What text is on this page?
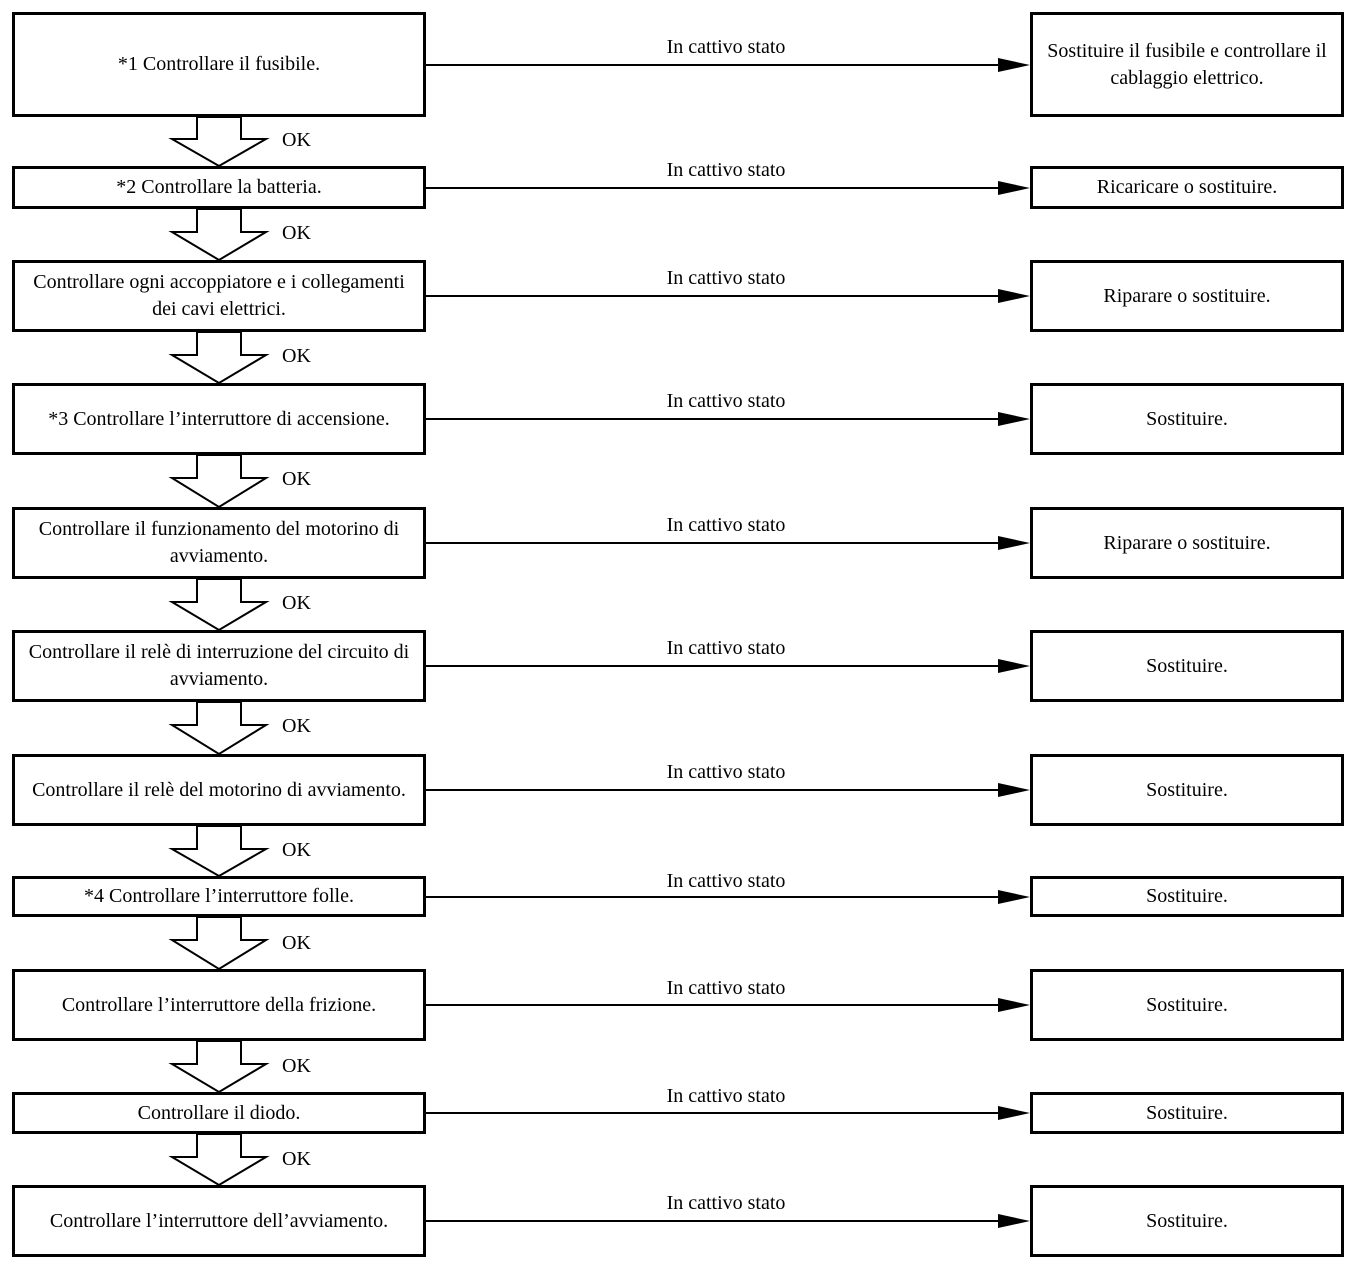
*1 Controllare il fusibile.
In cattivo stato	Sostituire il fusibile e controllare il cablaggio elettrico.
OK
*2 Controllare la batteria.
In cattivo stato
Ricaricare o sostituire.
OK
Controllare ogni accoppiatore e i collegamenti dei cavi elettrici.
In cattivo stato
Riparare o sostituire.
OK
*3 Controllare l’interruttore di accensione.
In cattivo stato
Sostituire.
OK
Controllare il funzionamento del motorino di avviamento.
In cattivo stato
Riparare o sostituire.
OK
Controllare il relè di interruzione del circuito di avviamento.
In cattivo stato
Sostituire.
OK
Controllare il relè del motorino di avviamento.
In cattivo stato
Sostituire.
OK
*4 Controllare l’interruttore folle.
In cattivo stato
Sostituire.
OK
Controllare l’interruttore della frizione.
In cattivo stato
Sostituire.
OK
Controllare il diodo.
In cattivo stato
Sostituire.
OK
Controllare l’interruttore dell’avviamento.
In cattivo stato
Sostituire.
